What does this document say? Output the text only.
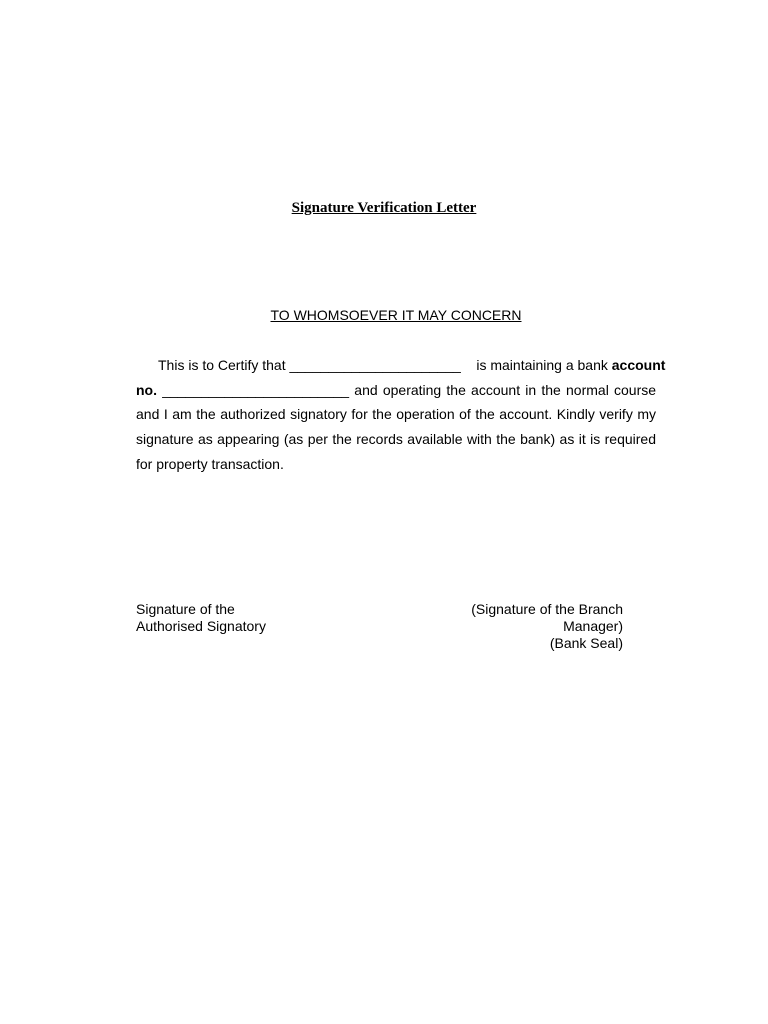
Signature Verification Letter

TO WHOMSOEVER IT MAY CONCERN

This is to Certify that ______________________ is maintaining a bank account
no. ________________________ and operating the account in the normal course
and I am the authorized signatory for the operation of the account. Kindly verify my
signature as appearing (as per the records available with the bank) as it is required
for property transaction.
Signature of the
Authorised Signatory
(Signature of the Branch Manager)
(Bank Seal)
